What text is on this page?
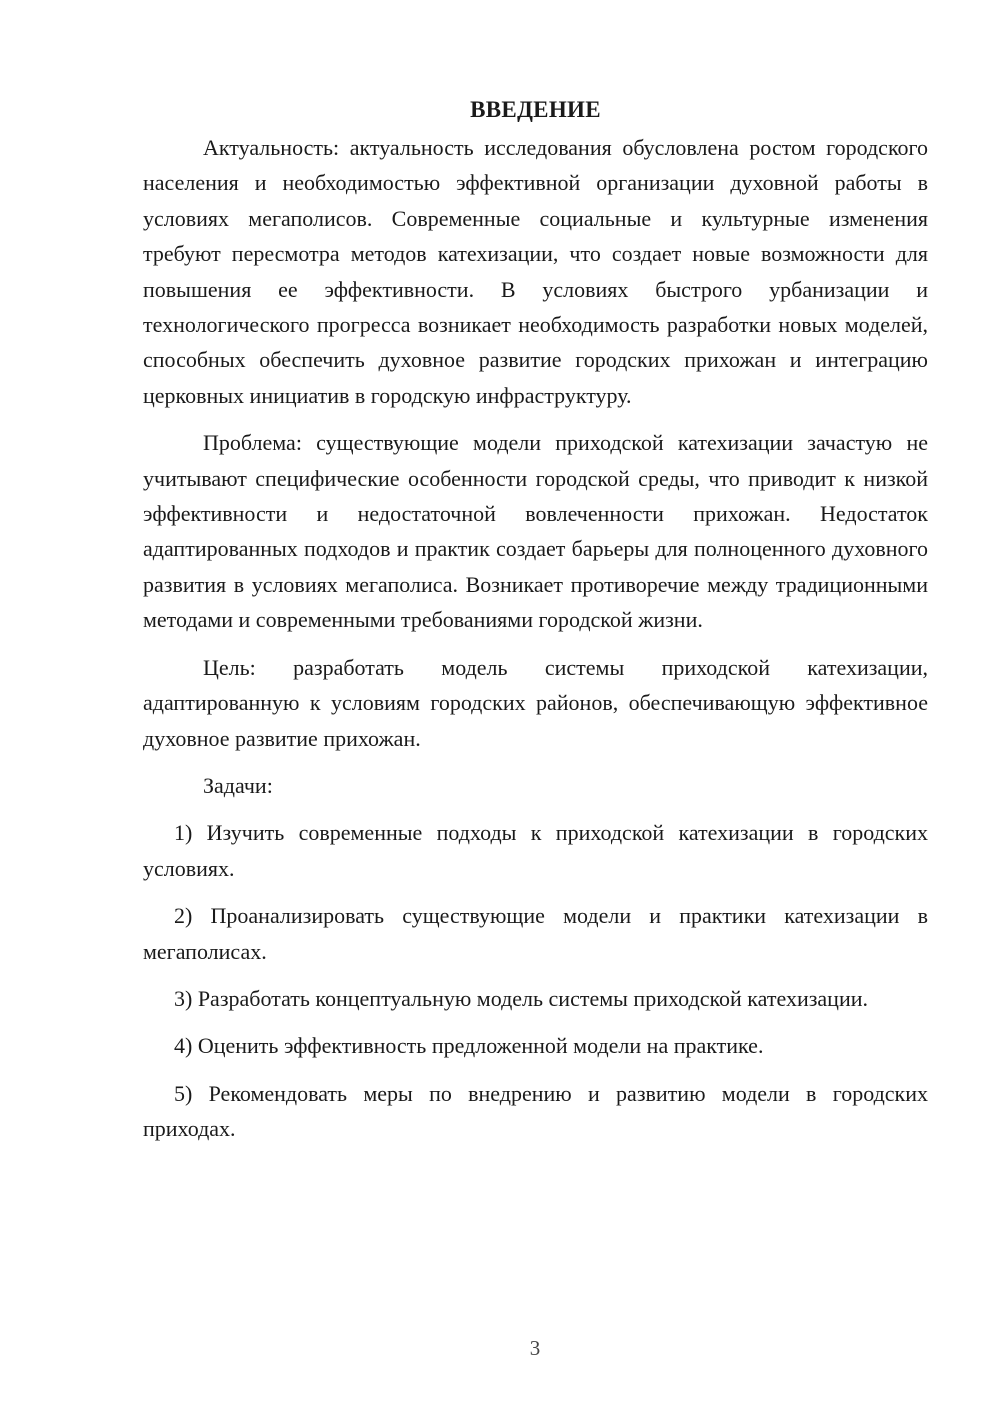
ВВЕДЕНИЕ

Актуальность: актуальность исследования обусловлена ростом городского населения и необходимостью эффективной организации духовной работы в условиях мегаполисов. Современные социальные и культурные изменения требуют пересмотра методов катехизации, что создает новые возможности для повышения ее эффективности. В условиях быстрого урбанизации и технологического прогресса возникает необходимость разработки новых моделей, способных обеспечить духовное развитие городских прихожан и интеграцию церковных инициатив в городскую инфраструктуру.

Проблема: существующие модели приходской катехизации зачастую не учитывают специфические особенности городской среды, что приводит к низкой эффективности и недостаточной вовлеченности прихожан. Недостаток адаптированных подходов и практик создает барьеры для полноценного духовного развития в условиях мегаполиса. Возникает противоречие между традиционными методами и современными требованиями городской жизни.

Цель: разработать модель системы приходской катехизации, адаптированную к условиям городских районов, обеспечивающую эффективное духовное развитие прихожан.

Задачи:

1) Изучить современные подходы к приходской катехизации в городских условиях.

2) Проанализировать существующие модели и практики катехизации в мегаполисах.

3) Разработать концептуальную модель системы приходской катехизации.

4) Оценить эффективность предложенной модели на практике.

5) Рекомендовать меры по внедрению и развитию модели в городских приходах.

3
